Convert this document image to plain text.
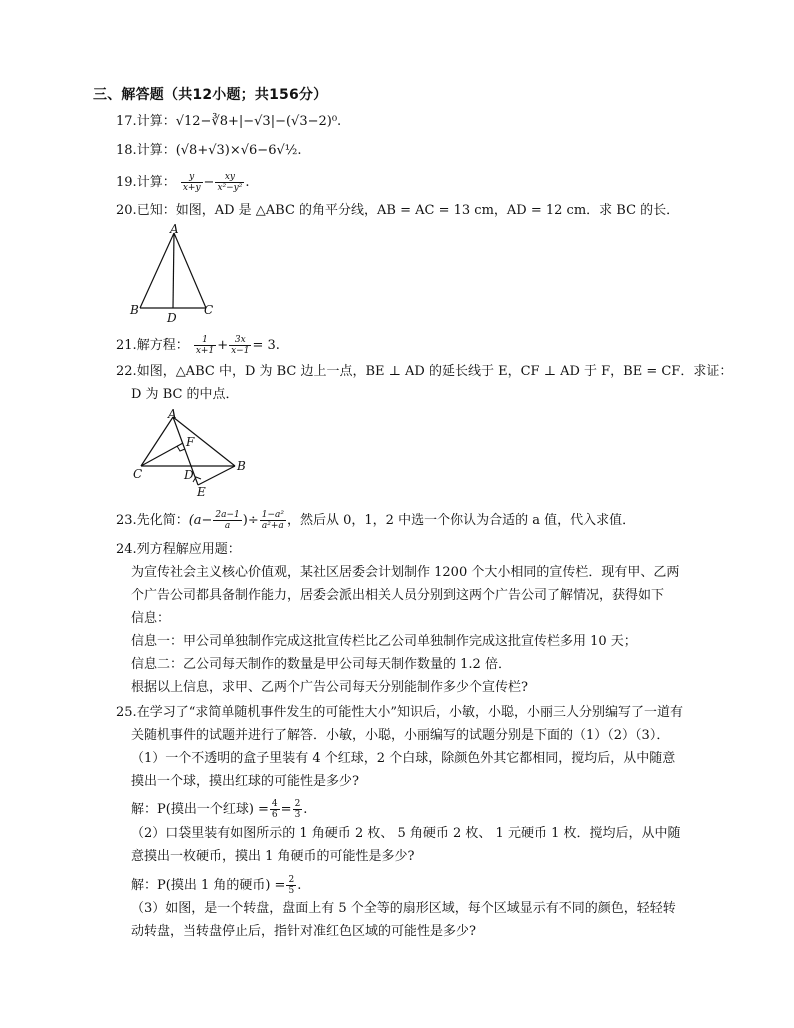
三、解答题（共12小题；共156分）
17.计算：√12−∛8+|−√3|−(√3−2)⁰.
18.计算：(√8+√3)×√6−6√½.
19.计算： $\frac{y}{x+y} - \frac{xy}{\text{x²−y²}}$ .
20.已知：如图，AD 是 △ABC 的角平分线，AB = AC = 13 cm，AD = 12 cm．求 BC 的长．
A
B	C
D
21.解方程： $\frac{1}{x+1} + \frac{3x}{x-1} = 3$.
22.如图，△ABC 中，D 为 BC 边上一点，BE ⊥ AD 的延长线于 E，CF ⊥ AD 于 F，BE = CF．求证：
D 为 BC 的中点．
A
B
C	D
E
F
23.先化简：($a- \frac{2a-1}{a}$ )÷ $\frac{\text{1−a²}}{\text{a²+a}}$ ，然后从 0，1，2 中选一个你认为合适的 a 值，代入求值．
24.列方程解应用题：
为宣传社会主义核心价值观，某社区居委会计划制作 1200 个大小相同的宣传栏．现有甲、乙两
个广告公司都具备制作能力，居委会派出相关人员分别到这两个广告公司了解情况，获得如下
信息：
信息一：甲公司单独制作完成这批宣传栏比乙公司单独制作完成这批宣传栏多用 10 天；
信息二：乙公司每天制作的数量是甲公司每天制作数量的 1.2 倍．
根据以上信息，求甲、乙两个广告公司每天分别能制作多少个宣传栏?
25.在学习了“求简单随机事件发生的可能性大小”知识后，小敏，小聪，小丽三人分别编写了一道有
关随机事件的试题并进行了解答．小敏，小聪，小丽编写的试题分别是下面的（1）（2）（3）．
（1）一个不透明的盒子里装有 4 个红球，2 个白球，除颜色外其它都相同，搅均后，从中随意
摸出一个球，摸出红球的可能性是多少?
解：P(摸出一个红球) = $\frac{4}{6} = \frac{2}{3}$ .
（2）口袋里装有如图所示的 1 角硬币 2 枚、 5 角硬币 2 枚、 1 元硬币 1 枚．搅均后，从中随
意摸出一枚硬币，摸出 1 角硬币的可能性是多少?
解：P(摸出 1 角的硬币) = $\frac{2}{5}$ .
（3）如图，是一个转盘，盘面上有 5 个全等的扇形区域，每个区域显示有不同的颜色，轻轻转
动转盘，当转盘停止后，指针对准红色区域的可能性是多少?
